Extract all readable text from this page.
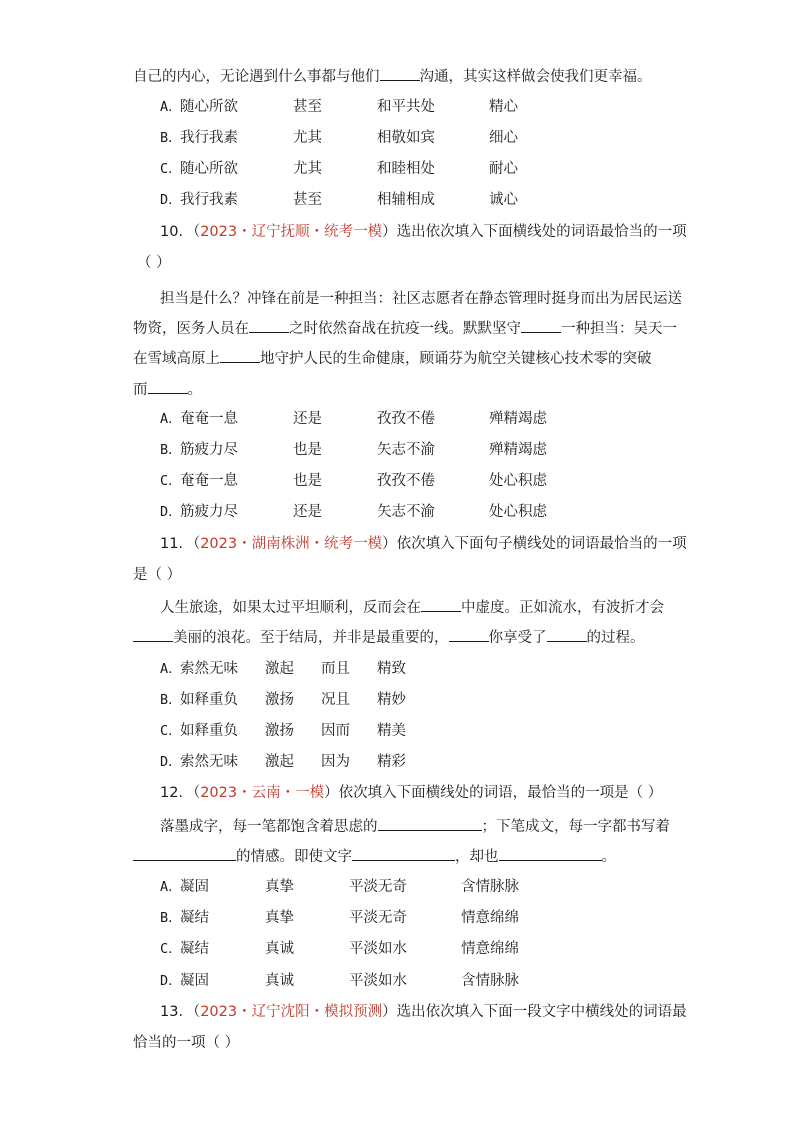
自己的内心，无论遇到什么事都与他们	沟通，其实这样做会使我们更幸福。
A．
随心所欲	甚至	和平共处	精心
B．
我行我素	尤其	相敬如宾	细心
C．
随心所欲	尤其	和睦相处	耐心
D．
我行我素	甚至	相辅相成	诚心
10．（2023・辽宁抚顺・统考一模）选出依次填入下面横线处的词语最恰当的一项
（ ）
担当是什么？冲锋在前是一种担当：社区志愿者在静态管理时挺身而出为居民运送
物资，医务人员在	之时依然奋战在抗疫一线。默默坚守	一种担当：吴天一
在雪域高原上	地守护人民的生命健康，顾诵芬为航空关键核心技术零的突破
而	。
A．
奄奄一息	还是	孜孜不倦	殚精竭虑
B．
筋疲力尽	也是	矢志不渝	殚精竭虑
C．
奄奄一息	也是	孜孜不倦	处心积虑
D．
筋疲力尽	还是	矢志不渝	处心积虑
11．（2023・湖南株洲・统考一模）依次填入下面句子横线处的词语最恰当的一项
是（ ）
人生旅途，如果太过平坦顺利，反而会在	中虚度。正如流水，有波折才会
美丽的浪花。至于结局，并非是最重要的，	你享受了	的过程。
A．
索然无味 激起 而且 精致
B．
如释重负 激扬 况且 精妙
C．
如释重负 激扬 因而 精美
D．
索然无味 激起 因为 精彩
12．（2023・云南・一模）依次填入下面横线处的词语，最恰当的一项是（ ）
落墨成字，每一笔都饱含着思虑的	；下笔成文，每一字都书写着
的情感。即使文字	，却也	。
A．
凝固	真挚	平淡无奇	含情脉脉
B．
凝结	真挚	平淡无奇	情意绵绵
C．
凝结	真诚	平淡如水	情意绵绵
D．
凝固	真诚	平淡如水	含情脉脉
13．（2023・辽宁沈阳・模拟预测）选出依次填入下面一段文字中横线处的词语最
恰当的一项（ ）
